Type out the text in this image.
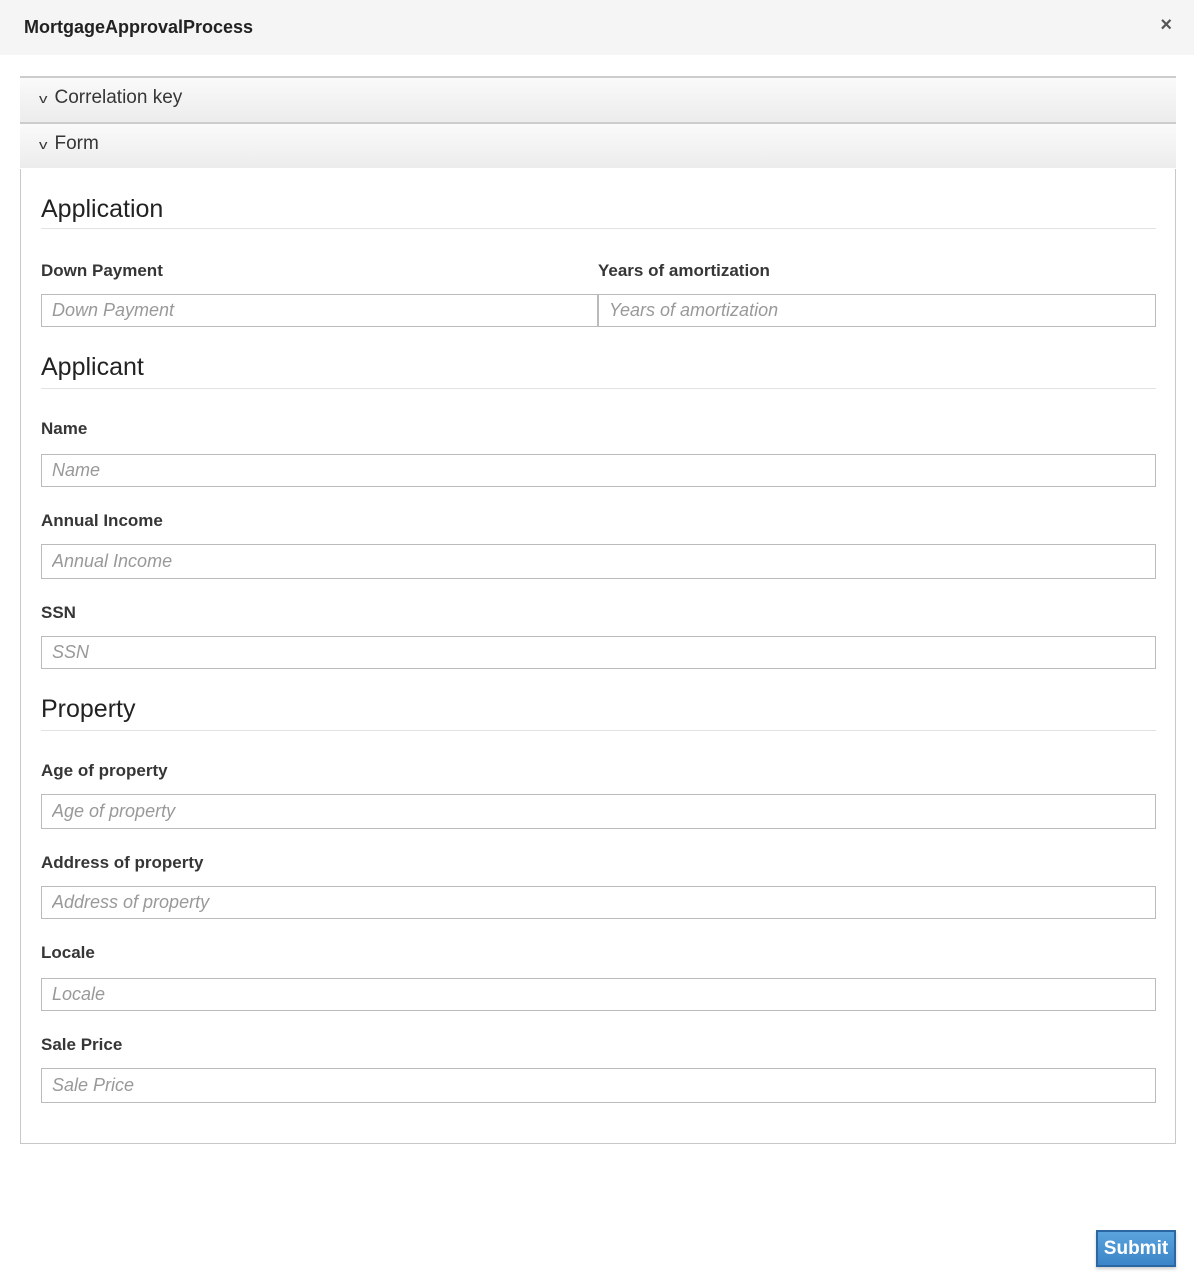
MortgageApprovalProcess	×
v Correlation key
v Form
Application
Down Payment
Down Payment	Years of amortization
Years of amortization
Applicant
Name
Name
Annual Income
Annual Income
SSN
SSN
Property
Age of property
Age of property
Address of property
Address of property
Locale
Locale
Sale Price
Sale Price
Submit
